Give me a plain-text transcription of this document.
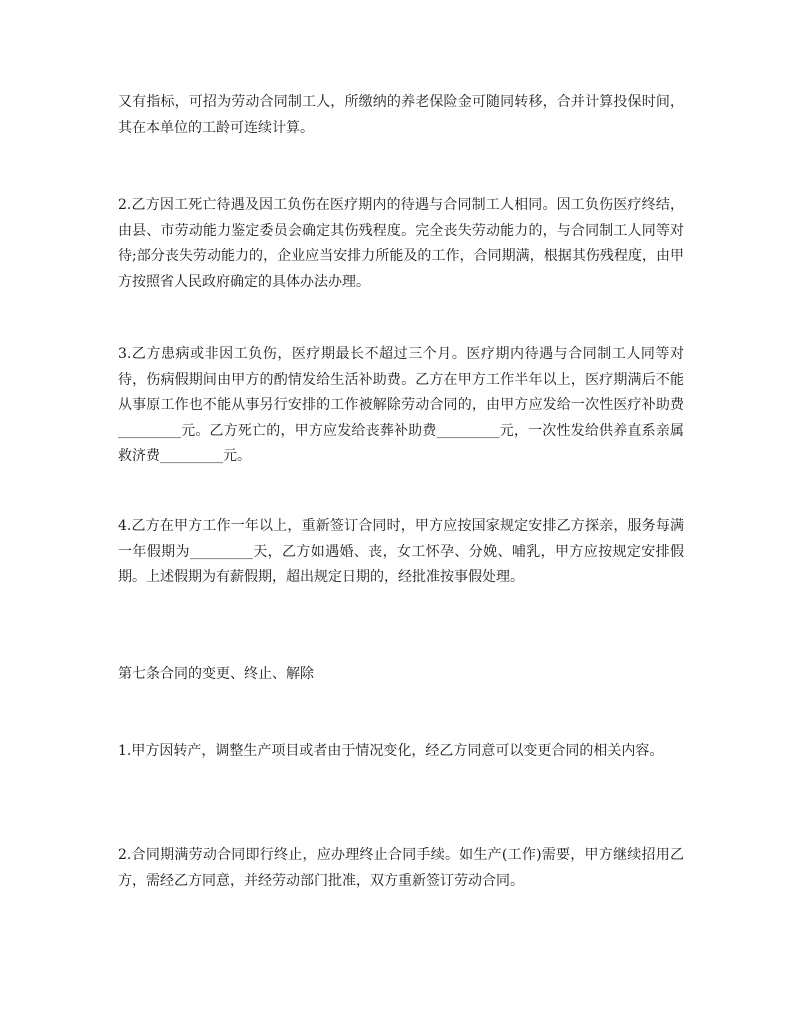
又有指标，可招为劳动合同制工人，所缴纳的养老保险金可随同转移，合并计算投保时间，其在本单位的工龄可连续计算。

2.乙方因工死亡待遇及因工负伤在医疗期内的待遇与合同制工人相同。因工负伤医疗终结，由县、市劳动能力鉴定委员会确定其伤残程度。完全丧失劳动能力的，与合同制工人同等对待;部分丧失劳动能力的，企业应当安排力所能及的工作，合同期满，根据其伤残程度，由甲方按照省人民政府确定的具体办法办理。

3.乙方患病或非因工负伤，医疗期最长不超过三个月。医疗期内待遇与合同制工人同等对待，伤病假期间由甲方的酌情发给生活补助费。乙方在甲方工作半年以上，医疗期满后不能从事原工作也不能从事另行安排的工作被解除劳动合同的，由甲方应发给一次性医疗补助费_________元。乙方死亡的，甲方应发给丧葬补助费_________元，一次性发给供养直系亲属救济费_________元。

4.乙方在甲方工作一年以上，重新签订合同时，甲方应按国家规定安排乙方探亲，服务每满一年假期为_________天，乙方如遇婚、丧，女工怀孕、分娩、哺乳，甲方应按规定安排假期。上述假期为有薪假期，超出规定日期的，经批准按事假处理。

第七条合同的变更、终止、解除

1.甲方因转产，调整生产项目或者由于情况变化，经乙方同意可以变更合同的相关内容。

2.合同期满劳动合同即行终止，应办理终止合同手续。如生产(工作)需要，甲方继续招用乙方，需经乙方同意，并经劳动部门批准，双方重新签订劳动合同。
